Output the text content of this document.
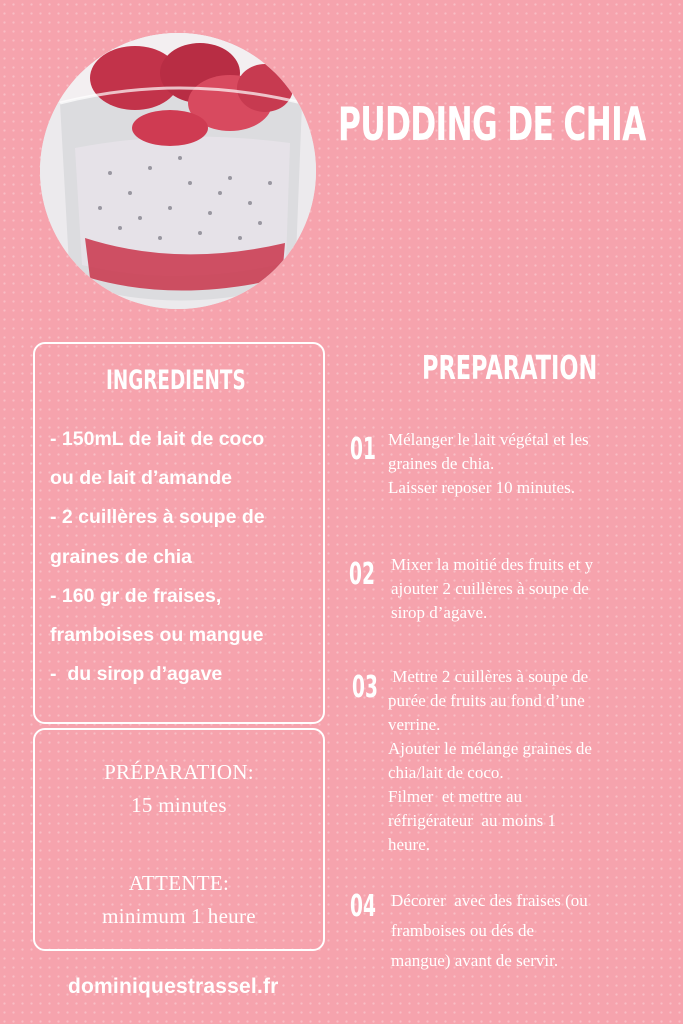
PUDDING DE CHIA
INGREDIENTS
- 150mL de lait de coco
ou de lait d’amande
- 2 cuillères à soupe de
graines de chia
- 160 gr de fraises,
framboises ou mangue
-  du sirop d’agave
PRÉPARATION:
15 minutes
ATTENTE:
minimum 1 heure
PREPARATION
01 Mélanger le lait végétal et les
graines de chia.
Laisser reposer 10 minutes.
02 Mixer la moitié des fruits et y
ajouter 2 cuillères à soupe de
sirop d’agave.
03 Mettre 2 cuillères à soupe de
purée de fruits au fond d’une
verrine.
Ajouter le mélange graines de
chia/lait de coco.
Filmer  et mettre au
réfrigérateur  au moins 1
heure.
04 Décorer  avec des fraises (ou
framboises ou dés de
mangue) avant de servir.
dominiquestrassel.fr
